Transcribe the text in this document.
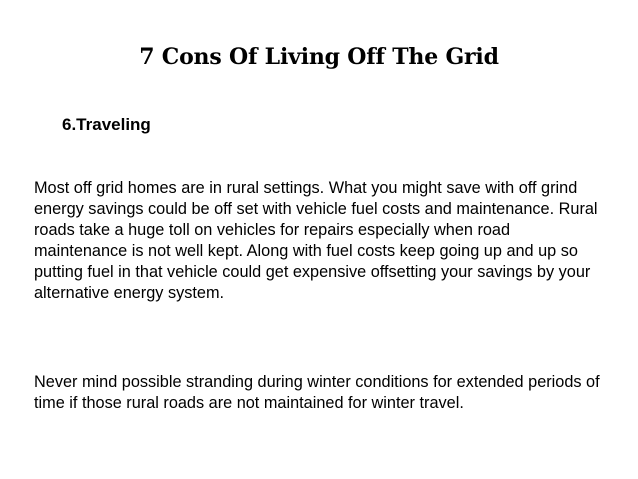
7 Cons Of Living Off The Grid
6.Traveling

Most off grid homes are in rural settings. What you might save with off grind energy savings could be off set with vehicle fuel costs and maintenance. Rural roads take a huge toll on vehicles for repairs especially when road maintenance is not well kept. Along with fuel costs keep going up and up so putting fuel in that vehicle could get expensive offsetting your savings by your alternative energy system.

Never mind possible stranding during winter conditions for extended periods of time if those rural roads are not maintained for winter travel.
